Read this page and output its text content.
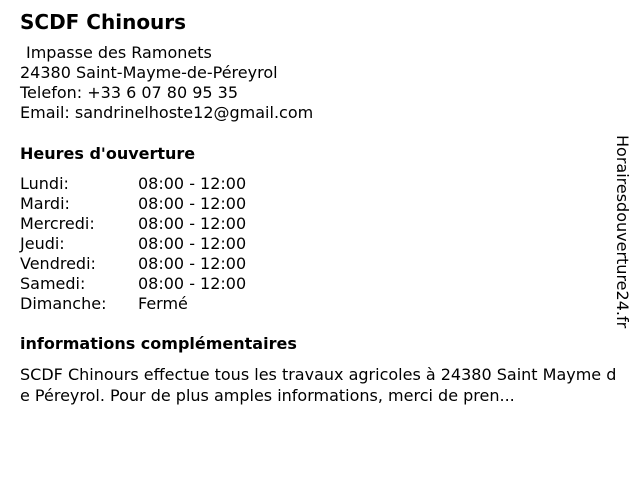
SCDF Chinours
Impasse des Ramonets
24380 Saint-Mayme-de-Péreyrol
Telefon: +33 6 07 80 95 35
Email: sandrinelhoste12@gmail.com
Heures d'ouverture
Lundi:	08:00 - 12:00
Mardi:	08:00 - 12:00
Mercredi:	08:00 - 12:00
Jeudi:	08:00 - 12:00
Vendredi:	08:00 - 12:00
Samedi:	08:00 - 12:00
Dimanche:	Fermé
informations complémentaires
SCDF Chinours effectue tous les travaux agricoles à 24380 Saint Mayme de Péreyrol. Pour de plus amples informations, merci de pren...
Horairesdouverture24.fr
